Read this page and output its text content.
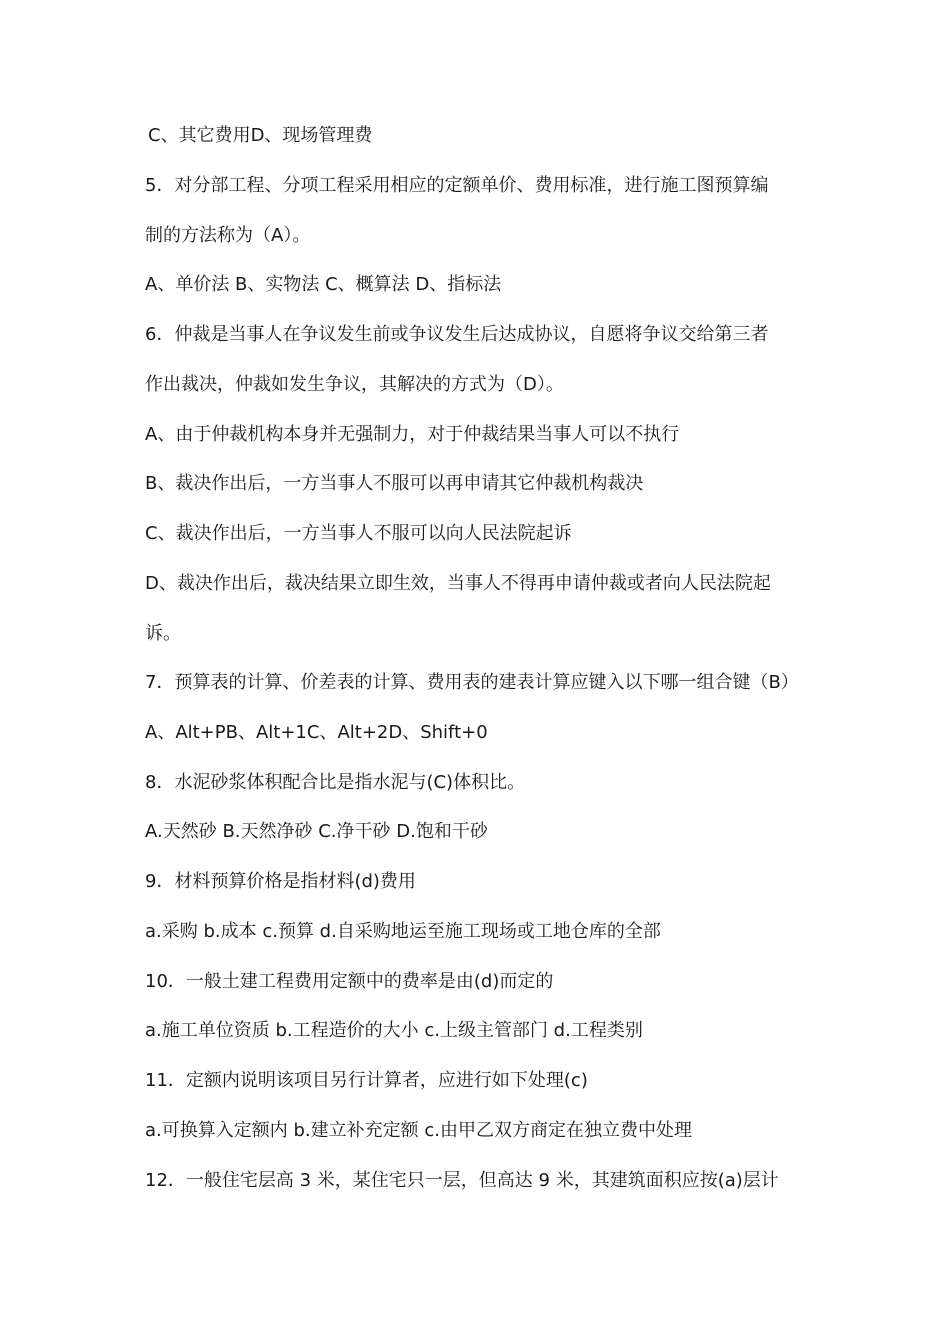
C、其它费用D、现场管理费

5．对分部工程、分项工程采用相应的定额单价、费用标准，进行施工图预算编

制的方法称为（A）。

A、单价法 B、实物法 C、概算法 D、指标法

6．仲裁是当事人在争议发生前或争议发生后达成协议，自愿将争议交给第三者

作出裁决，仲裁如发生争议，其解决的方式为（D）。

A、由于仲裁机构本身并无强制力，对于仲裁结果当事人可以不执行

B、裁决作出后，一方当事人不服可以再申请其它仲裁机构裁决

C、裁决作出后，一方当事人不服可以向人民法院起诉

D、裁决作出后，裁决结果立即生效，当事人不得再申请仲裁或者向人民法院起

诉。

7．预算表的计算、价差表的计算、费用表的建表计算应键入以下哪一组合键（B）

A、Alt+PB、Alt+1C、Alt+2D、Shift+0

8．水泥砂浆体积配合比是指水泥与(C)体积比。

A.天然砂 B.天然净砂 C.净干砂 D.饱和干砂

9．材料预算价格是指材料(d)费用

a.采购 b.成本 c.预算 d.自采购地运至施工现场或工地仓库的全部

10．一般土建工程费用定额中的费率是由(d)而定的

a.施工单位资质 b.工程造价的大小 c.上级主管部门 d.工程类别

11．定额内说明该项目另行计算者，应进行如下处理(c)

a.可换算入定额内 b.建立补充定额 c.由甲乙双方商定在独立费中处理

12．一般住宅层高 3 米，某住宅只一层，但高达 9 米，其建筑面积应按(a)层计
